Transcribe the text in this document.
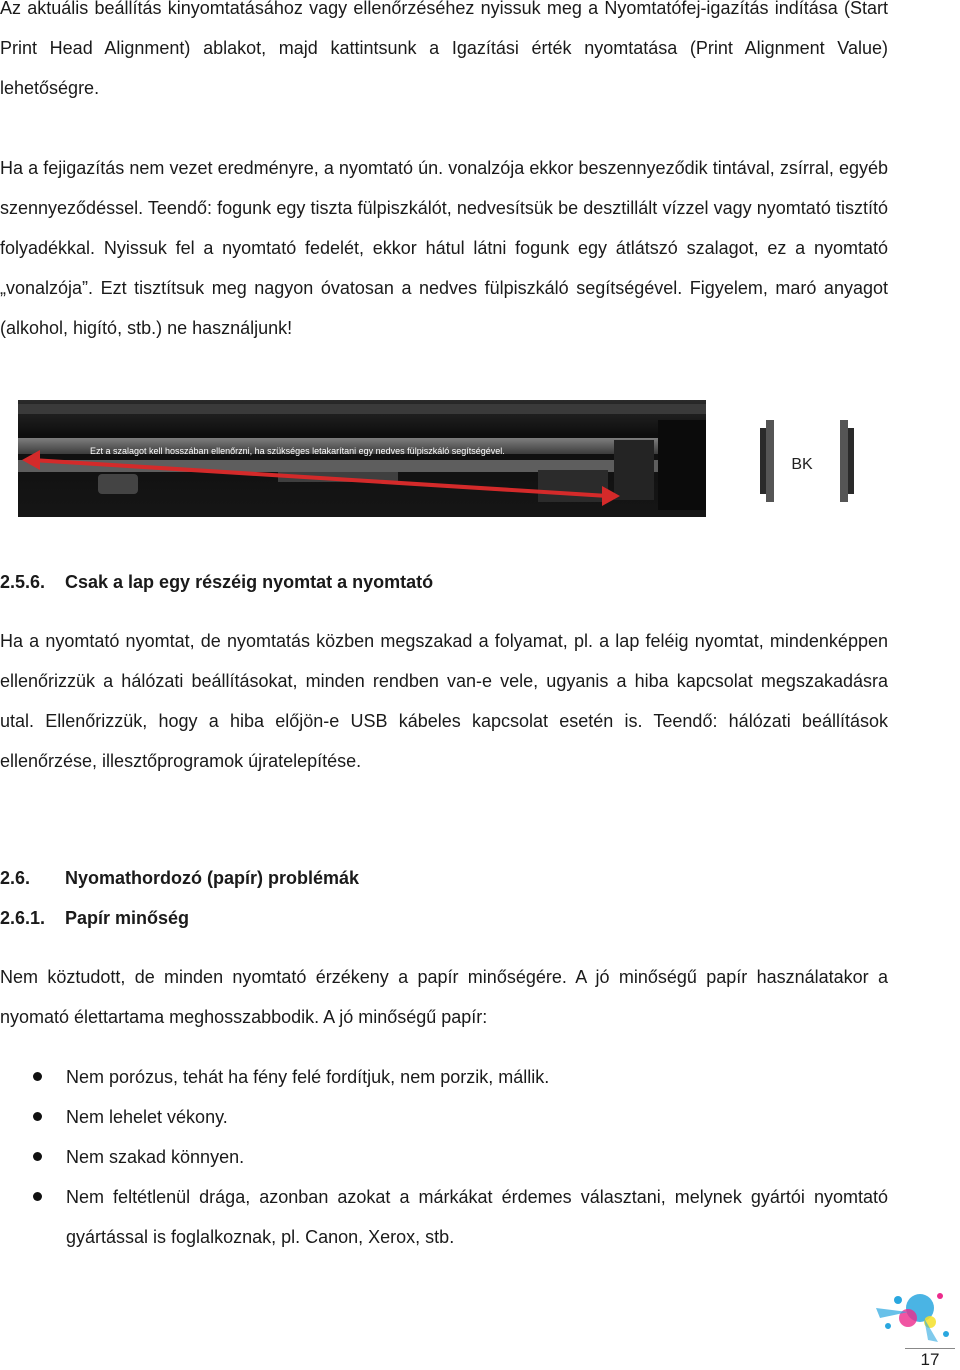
Az aktuális beállítás kinyomtatásához vagy ellenőrzéséhez nyissuk meg a Nyomtatófej-igazítás indítása (Start Print Head Alignment) ablakot, majd kattintsunk a Igazítási érték nyomtatása (Print Alignment Value) lehetőségre.
Ha a fejigazítás nem vezet eredményre, a nyomtató ún. vonalzója ekkor beszennyeződik tintával, zsírral, egyéb szennyeződéssel. Teendő: fogunk egy tiszta fülpiszkálót, nedvesítsük be desztillált vízzel vagy nyomtató tisztító folyadékkal. Nyissuk fel a nyomtató fedelét, ekkor hátul látni fogunk egy átlátszó szalagot, ez a nyomtató „vonalzója”. Ezt tisztítsuk meg nagyon óvatosan a nedves fülpiszkáló segítségével. Figyelem, maró anyagot (alkohol, higító, stb.) ne használjunk!
Ezt a szalagot kell hosszában ellenőrzni, ha szükséges letakarítani egy nedves fülpiszkáló segítségével.
BK
2.5.6. Csak a lap egy részéig nyomtat a nyomtató
Ha a nyomtató nyomtat, de nyomtatás közben megszakad a folyamat, pl. a lap feléig nyomtat, mindenképpen ellenőrizzük a hálózati beállításokat, minden rendben van-e vele, ugyanis a hiba kapcsolat megszakadásra utal. Ellenőrizzük, hogy a hiba előjön-e USB kábeles kapcsolat esetén is. Teendő: hálózati beállítások ellenőrzése, illesztőprogramok újratelepítése.
2.6. Nyomathordozó (papír) problémák
2.6.1. Papír minőség
Nem köztudott, de minden nyomtató érzékeny a papír minőségére. A jó minőségű papír használatakor a nyomató élettartama meghosszabbodik. A jó minőségű papír:
Nem porózus, tehát ha fény felé fordítjuk, nem porzik, mállik.
Nem lehelet vékony.
Nem szakad könnyen.
Nem feltétlenül drága, azonban azokat a márkákat érdemes választani, melynek gyártói nyomtató gyártással is foglalkoznak, pl. Canon, Xerox, stb.
17
